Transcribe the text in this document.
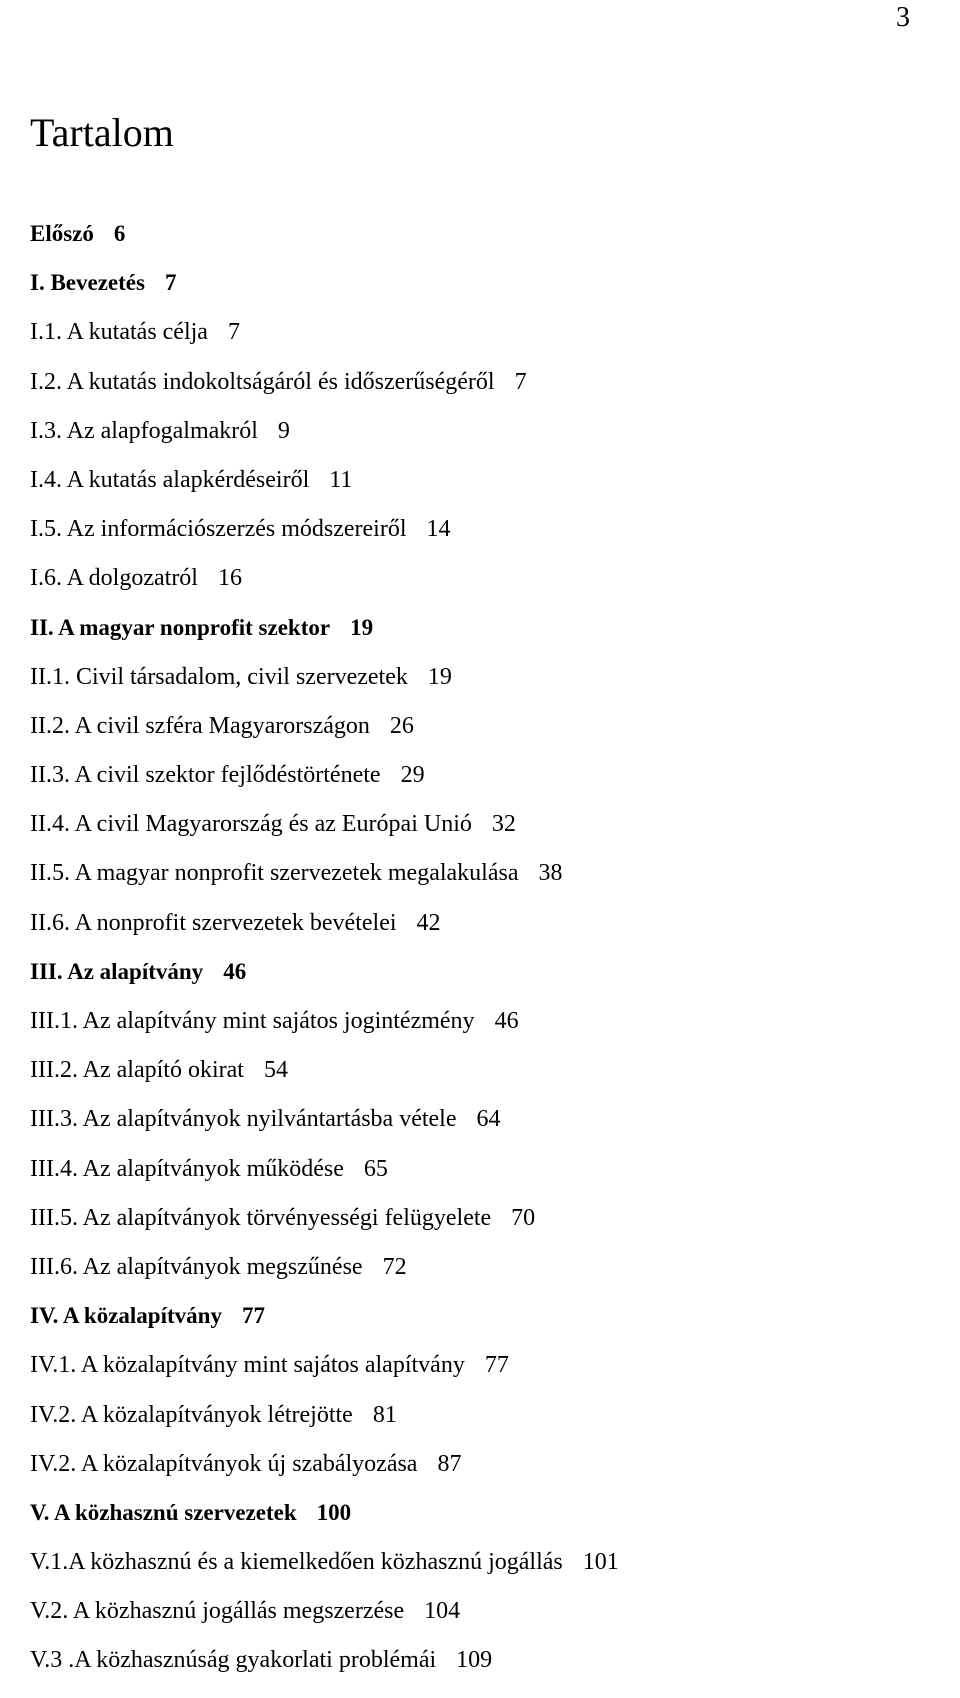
3
Tartalom
Előszó 6
I. Bevezetés 7
I.1. A kutatás célja 7
I.2. A kutatás indokoltságáról és időszerűségéről 7
I.3. Az alapfogalmakról 9
I.4. A kutatás alapkérdéseiről 11
I.5. Az információszerzés módszereiről 14
I.6. A dolgozatról 16
II. A magyar nonprofit szektor 19
II.1. Civil társadalom, civil szervezetek 19
II.2. A civil szféra Magyarországon 26
II.3. A civil szektor fejlődéstörténete 29
II.4. A civil Magyarország és az Európai Unió 32
II.5. A magyar nonprofit szervezetek megalakulása 38
II.6. A nonprofit szervezetek bevételei 42
III. Az alapítvány 46
III.1. Az alapítvány mint sajátos jogintézmény 46
III.2. Az alapító okirat 54
III.3. Az alapítványok nyilvántartásba vétele 64
III.4. Az alapítványok működése 65
III.5. Az alapítványok törvényességi felügyelete 70
III.6. Az alapítványok megszűnése 72
IV. A közalapítvány 77
IV.1. A közalapítvány mint sajátos alapítvány 77
IV.2. A közalapítványok létrejötte 81
IV.2. A közalapítványok új szabályozása 87
V. A közhasznú szervezetek 100
V.1.A közhasznú és a kiemelkedően közhasznú jogállás 101
V.2. A közhasznú jogállás megszerzése 104
V.3 .A közhasznúság gyakorlati problémái 109
